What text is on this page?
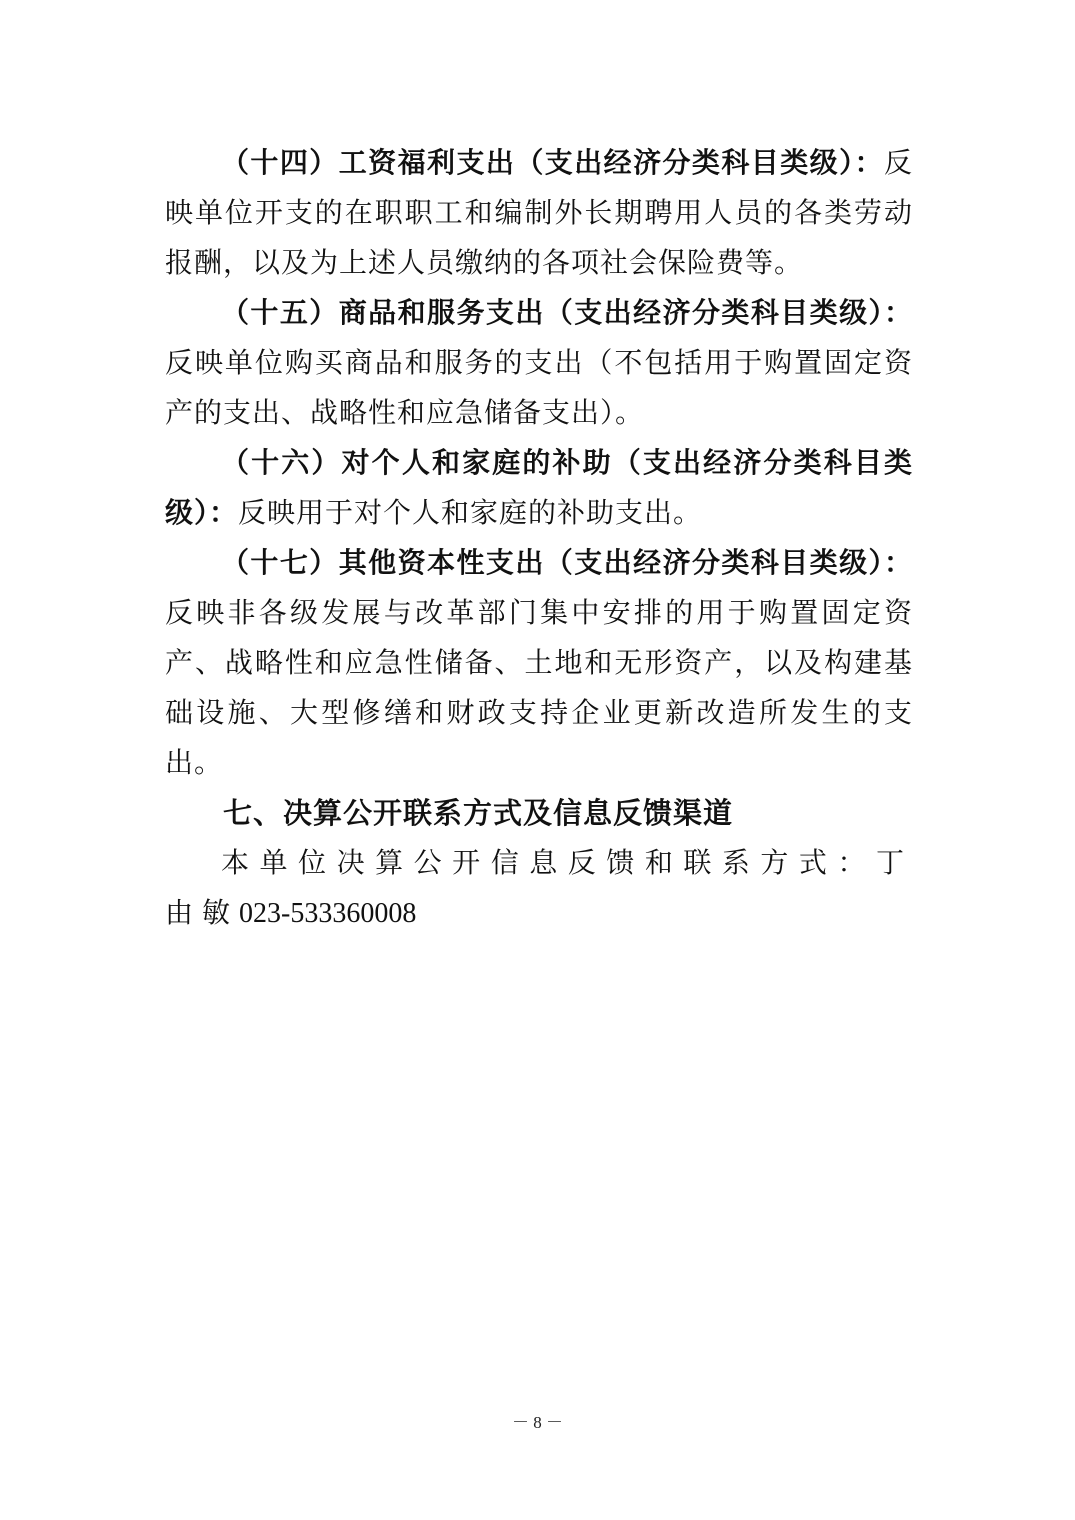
（十四）工资福利支出（支出经济分类科目类级）：反映单位开支的在职职工和编制外长期聘用人员的各类劳动报酬，以及为上述人员缴纳的各项社会保险费等。

（十五）商品和服务支出（支出经济分类科目类级）：反映单位购买商品和服务的支出（不包括用于购置固定资产的支出、战略性和应急储备支出）。

（十六）对个人和家庭的补助（支出经济分类科目类级）：反映用于对个人和家庭的补助支出。

（十七）其他资本性支出（支出经济分类科目类级）：反映非各级发展与改革部门集中安排的用于购置固定资产、战略性和应急性储备、土地和无形资产，以及构建基础设施、大型修缮和财政支持企业更新改造所发生的支出。

七、决算公开联系方式及信息反馈渠道

本单位决算公开信息反馈和联系方式：丁由敏023-533360008

－ 8 －
